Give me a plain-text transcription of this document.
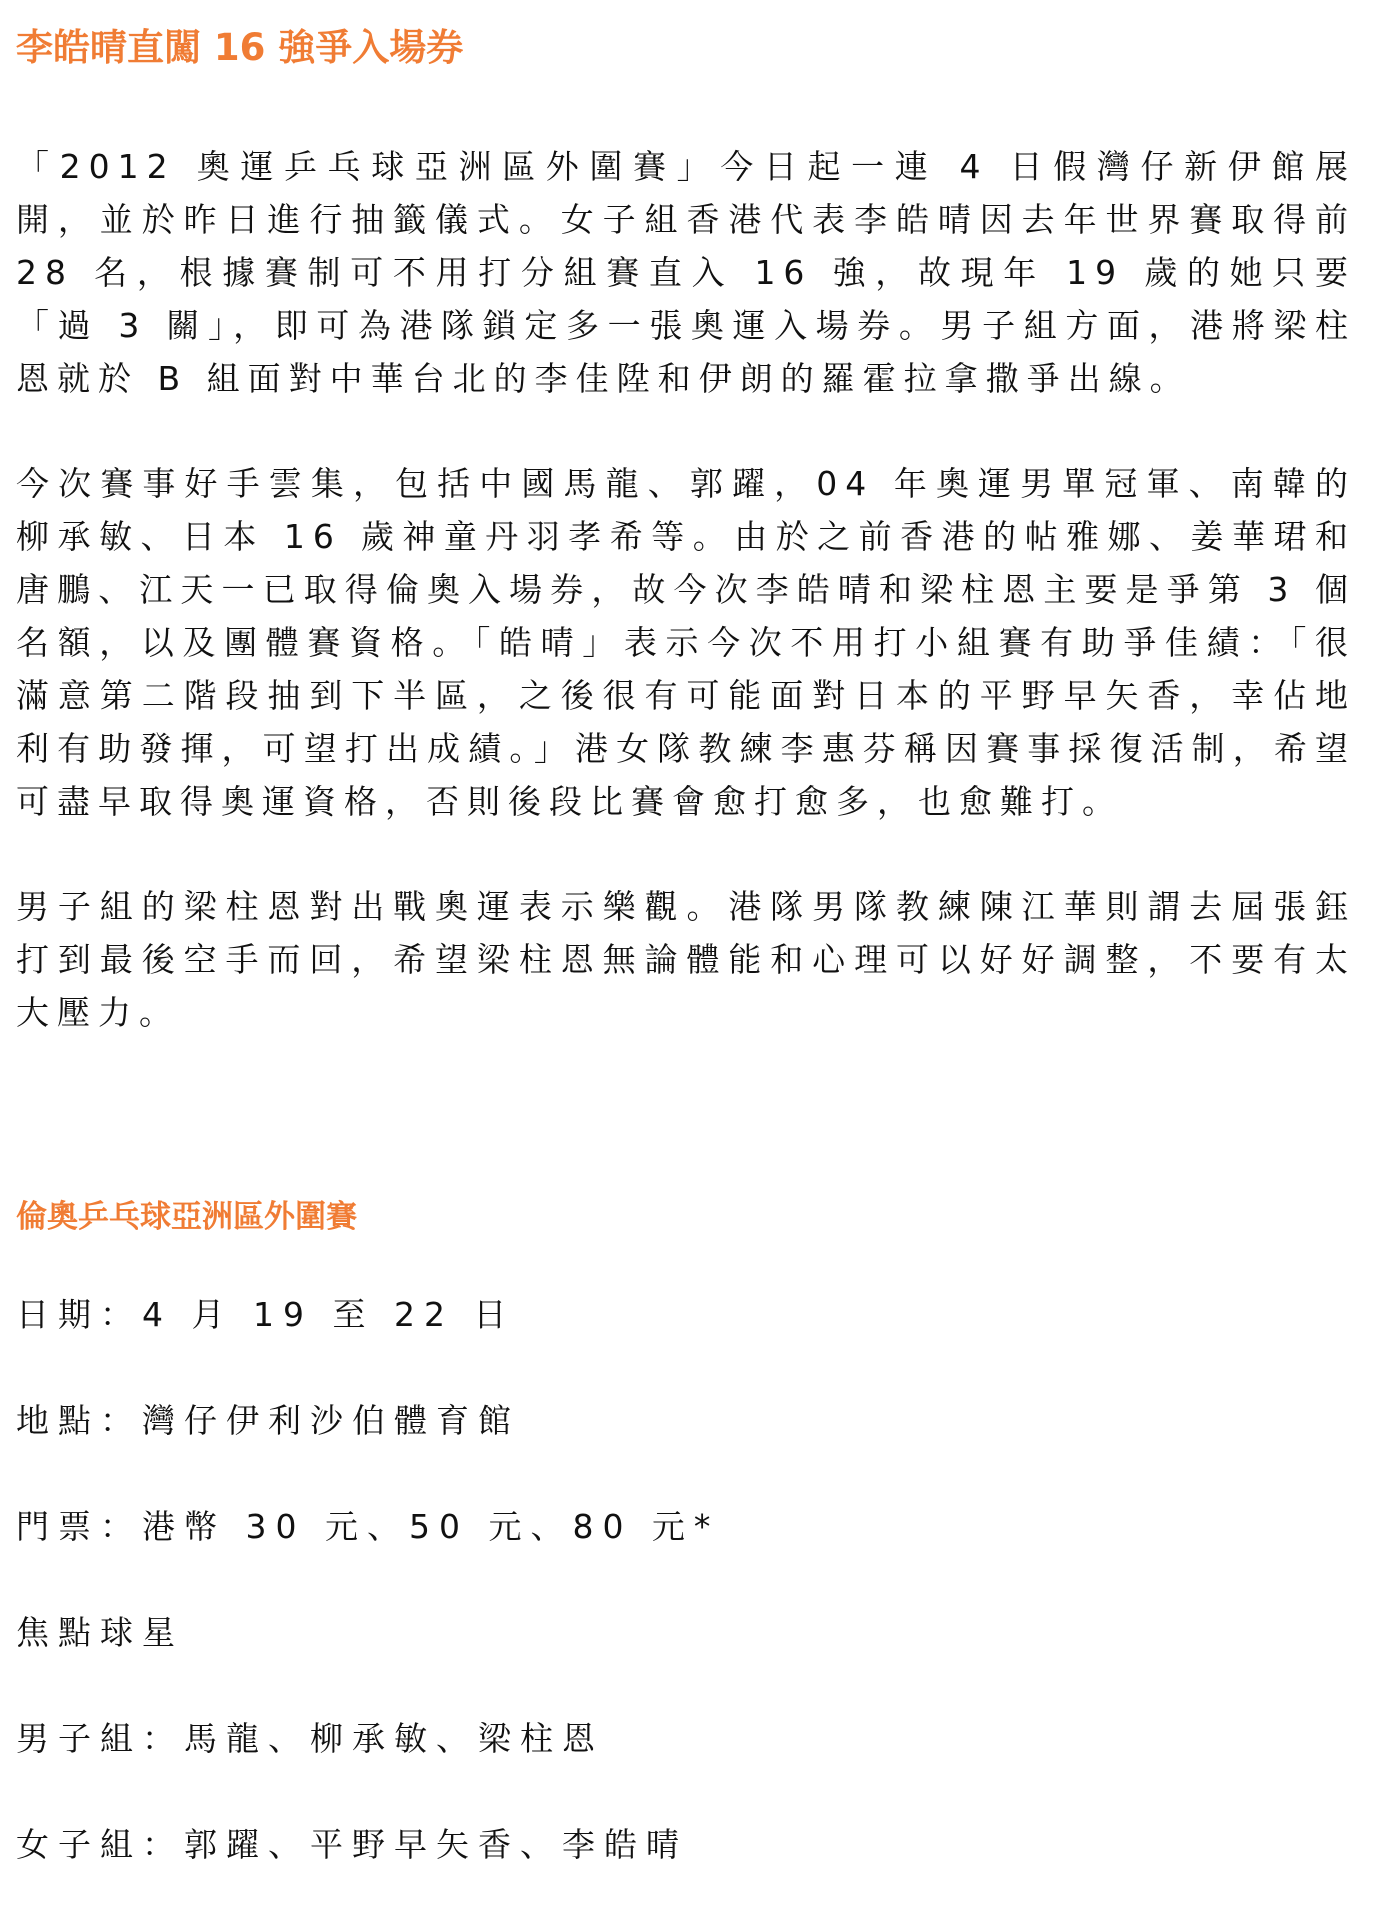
李皓晴直闖 16 強爭入場券

「2012 奧運乒乓球亞洲區外圍賽」今日起一連 4 日假灣仔新伊館展開，並於昨日進行抽籤儀式。女子組香港代表李皓晴因去年世界賽取得前 28 名，根據賽制可不用打分組賽直入 16 強，故現年 19 歲的她只要「過 3 關」，即可為港隊鎖定多一張奧運入場券。男子組方面，港將梁柱恩就於 B 組面對中華台北的李佳陞和伊朗的羅霍拉拿撒爭出線。

今次賽事好手雲集，包括中國馬龍、郭躍，04 年奧運男單冠軍、南韓的柳承敏、日本 16 歲神童丹羽孝希等。由於之前香港的帖雅娜、姜華珺和唐鵬、江天一已取得倫奧入場券，故今次李皓晴和梁柱恩主要是爭第 3 個名額，以及團體賽資格。「皓晴」表示今次不用打小組賽有助爭佳績：「很滿意第二階段抽到下半區，之後很有可能面對日本的平野早矢香，幸佔地利有助發揮，可望打出成績。」港女隊教練李惠芬稱因賽事採復活制，希望可盡早取得奧運資格，否則後段比賽會愈打愈多，也愈難打。

男子組的梁柱恩對出戰奧運表示樂觀。港隊男隊教練陳江華則謂去屆張鈺打到最後空手而回，希望梁柱恩無論體能和心理可以好好調整，不要有太大壓力。

倫奧乒乓球亞洲區外圍賽
日期：4 月 19 至 22 日
地點：灣仔伊利沙伯體育館
門票：港幣 30 元、50 元、80 元*
焦點球星
男子組：馬龍、柳承敏、梁柱恩
女子組：郭躍、平野早矢香、李皓晴
